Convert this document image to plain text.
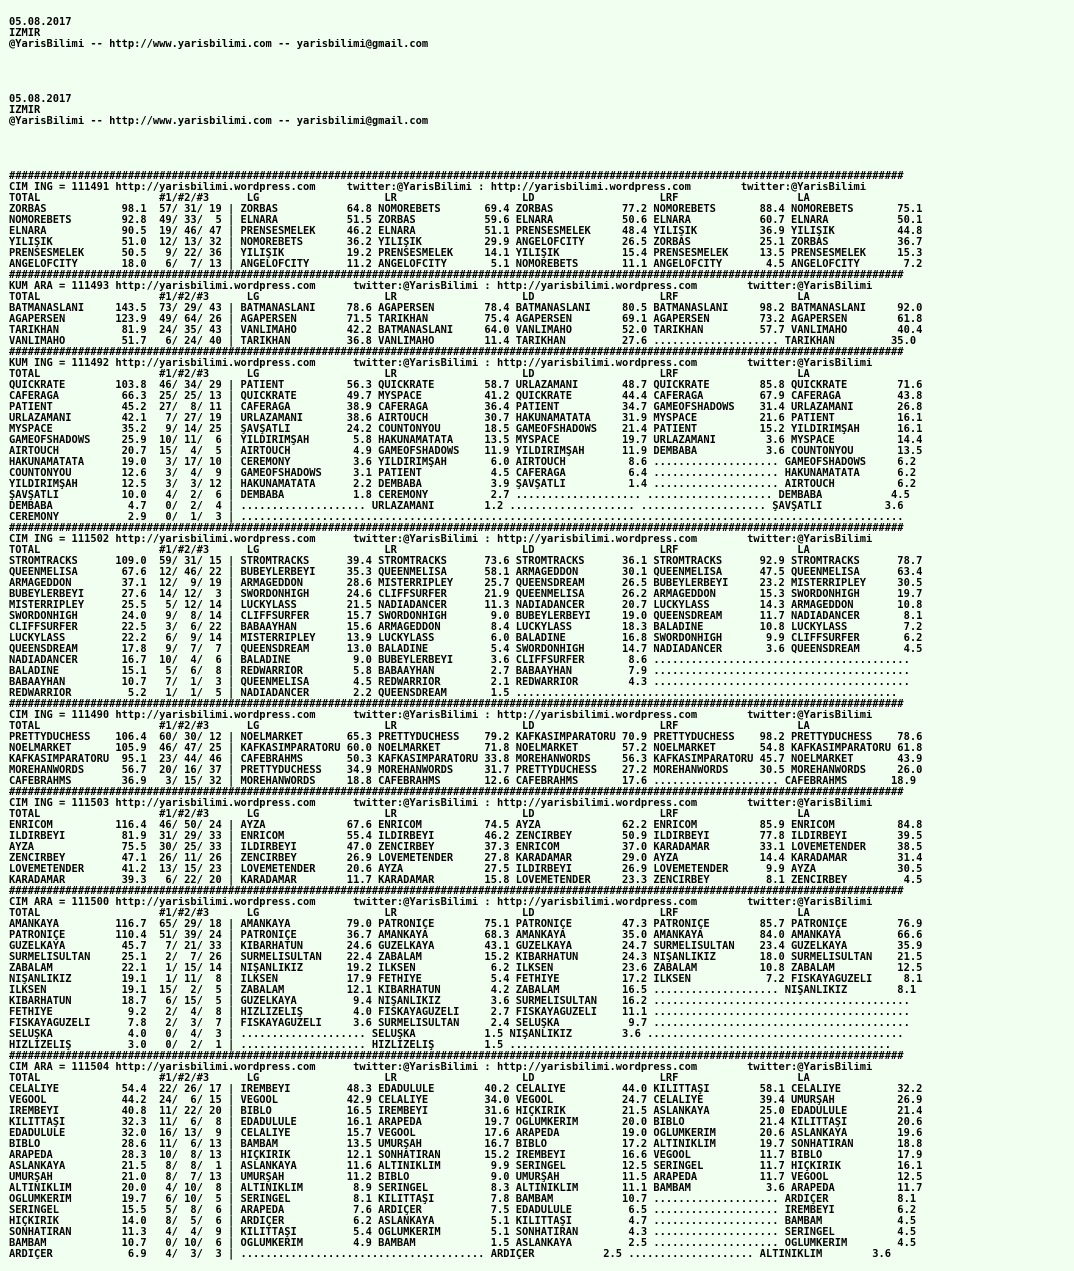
05.08.2017
IZMIR
@YarisBilimi -- http://www.yarisbilimi.com -- yarisbilimi@gmail.com

05.08.2017
IZMIR
@YarisBilimi -- http://www.yarisbilimi.com -- yarisbilimi@gmail.com

###############################################################################################################################################
CIM ING = 111491 http://yarisbilimi.wordpress.com     twitter:@YarisBilimi : http://yarisbilimi.wordpress.com        twitter:@YarisBilimi
TOTAL                   #1/#2/#3      LG                    LR                    LD                    LRF                   LA
ZORBAS            98.1  57/ 31/ 19 | ZORBAS           64.8 NOMOREBETS       69.4 ZORBAS           77.2 NOMOREBETS       88.4 NOMOREBETS       75.1
NOMOREBETS        92.8  49/ 33/  5 | ELNARA           51.5 ZORBAS           59.6 ELNARA           50.6 ELNARA           60.7 ELNARA           50.1
ELNARA            90.5  19/ 46/ 47 | PRENSESMELEK     46.2 ELNARA           51.1 PRENSESMELEK     48.4 YILIŞIK          36.9 YILIŞIK          44.8
YILIŞIK           51.0  12/ 13/ 32 | NOMOREBETS       36.2 YILIŞIK          29.9 ANGELOFCITY      26.5 ZORBAS           25.1 ZORBAS           36.7
PRENSESMELEK      50.5   9/ 22/ 36 | YILIŞIK          19.2 PRENSESMELEK     14.1 YILIŞIK          15.4 PRENSESMELEK     13.5 PRENSESMELEK     15.3
ANGELOFCITY       18.0   6/  7/ 13 | ANGELOFCITY      11.2 ANGELOFCITY       5.1 NOMOREBETS       11.1 ANGELOFCITY       4.5 ANGELOFCITY       7.2
###############################################################################################################################################
KUM ARA = 111493 http://yarisbilimi.wordpress.com      twitter:@YarisBilimi : http://yarisbilimi.wordpress.com        twitter:@YarisBilimi
TOTAL                   #1/#2/#3      LG                    LR                    LD                    LRF                   LA
BATMANASLANI     143.5  73/ 29/ 43 | BATMANASLANI     78.6 AGAPERSEN        78.4 BATMANASLANI     80.5 BATMANASLANI     98.2 BATMANASLANI     92.0
AGAPERSEN        123.9  49/ 64/ 26 | AGAPERSEN        71.5 TARIKHAN         75.4 AGAPERSEN        69.1 AGAPERSEN        73.2 AGAPERSEN        61.8
TARIKHAN          81.9  24/ 35/ 43 | VANLIMAHO        42.2 BATMANASLANI     64.0 VANLIMAHO        52.0 TARIKHAN         57.7 VANLIMAHO        40.4
VANLIMAHO         51.7   6/ 24/ 40 | TARIKHAN         36.8 VANLIMAHO        11.4 TARIKHAN         27.6 .................... TARIKHAN         35.0
###############################################################################################################################################
KUM ING = 111492 http://yarisbilimi.wordpress.com      twitter:@YarisBilimi : http://yarisbilimi.wordpress.com        twitter:@YarisBilimi
TOTAL                   #1/#2/#3      LG                    LR                    LD                    LRF                   LA
QUICKRATE        103.8  46/ 34/ 29 | PATIENT          56.3 QUICKRATE        58.7 URLAZAMANI       48.7 QUICKRATE        85.8 QUICKRATE        71.6
CAFERAGA          66.3  25/ 25/ 13 | QUICKRATE        49.7 MYSPACE          41.2 QUICKRATE        44.4 CAFERAGA         67.9 CAFERAGA         43.8
PATIENT           45.2  27/  8/ 11 | CAFERAGA         38.9 CAFERAGA         36.4 PATIENT          34.7 GAMEOFSHADOWS    31.4 URLAZAMANI       26.8
URLAZAMANI        42.1   7/ 27/ 19 | URLAZAMANI       38.6 AIRTOUCH         30.7 HAKUNAMATATA     31.9 MYSPACE          21.6 PATIENT          16.1
MYSPACE           35.2   9/ 14/ 25 | ŞAVŞATLI         24.2 COUNTONYOU       18.5 GAMEOFSHADOWS    21.4 PATIENT          15.2 YILDIRIMŞAH      16.1
GAMEOFSHADOWS     25.9  10/ 11/  6 | YILDIRIMŞAH       5.8 HAKUNAMATATA     13.5 MYSPACE          19.7 URLAZAMANI        3.6 MYSPACE          14.4
AIRTOUCH          20.7  15/  4/  5 | AIRTOUCH          4.9 GAMEOFSHADOWS    11.9 YILDIRIMŞAH      11.9 DEMBABA           3.6 COUNTONYOU       13.5
HAKUNAMATATA      19.0   3/ 17/ 10 | CEREMONY          3.6 YILDIRIMŞAH       6.0 AIRTOUCH          8.6 .................... GAMEOFSHADOWS     6.2
COUNTONYOU        12.6   3/  4/  9 | GAMEOFSHADOWS     3.1 PATIENT           4.5 CAFERAGA          6.4 .................... HAKUNAMATATA      6.2
YILDIRIMŞAH       12.5   3/  3/ 12 | HAKUNAMATATA      2.2 DEMBABA           3.9 ŞAVŞATLI          1.4 .................... AIRTOUCH          6.2
ŞAVŞATLI          10.0   4/  2/  6 | DEMBABA           1.8 CEREMONY          2.7 .................... .................... DEMBABA           4.5
DEMBABA            4.7   0/  2/  4 | .................... URLAZAMANI        1.2 .................... .................... ŞAVŞATLI          3.6
CEREMONY           2.9   0/  1/  3 | ..........................................................................................................
###############################################################################################################################################
CIM ING = 111502 http://yarisbilimi.wordpress.com      twitter:@YarisBilimi : http://yarisbilimi.wordpress.com        twitter:@YarisBilimi
TOTAL                   #1/#2/#3      LG                    LR                    LD                    LRF                   LA
STROMTRACKS      109.0  59/ 31/ 15 | STROMTRACKS      39.4 STROMTRACKS      73.6 STROMTRACKS      36.1 STROMTRACKS      92.9 STROMTRACKS      78.7
QUEENMELISA       67.6  12/ 46/ 22 | BUBEYLERBEYİ     35.3 QUEENMELISA      58.1 ARMAGEDDON       30.1 QUEENMELISA      47.5 QUEENMELISA      63.4
ARMAGEDDON        37.1  12/  9/ 19 | ARMAGEDDON       28.6 MISTERRIPLEY     25.7 QUEENSDREAM      26.5 BUBEYLERBEYİ     23.2 MISTERRIPLEY     30.5
BUBEYLERBEYİ      27.6  14/ 12/  3 | SWORDONHIGH      24.6 CLIFFSURFER      21.9 QUEENMELISA      26.2 ARMAGEDDON       15.3 SWORDONHIGH      19.7
MISTERRIPLEY      25.5   5/ 12/ 14 | LUCKYLASS        21.5 NADIADANCER      11.3 NADIADANCER      20.7 LUCKYLASS        14.3 ARMAGEDDON       10.8
SWORDONHIGH       24.0   9/  8/ 14 | CLIFFSURFER      15.7 SWORDONHIGH       9.0 BUBEYLERBEYİ     19.0 QUEENSDREAM      11.7 NADIADANCER       8.1
CLIFFSURFER       22.5   3/  6/ 22 | BABAAYHAN        15.6 ARMAGEDDON        8.4 LUCKYLASS        18.3 BALADINE         10.8 LUCKYLASS         7.2
LUCKYLASS         22.2   6/  9/ 14 | MISTERRIPLEY     13.9 LUCKYLASS         6.0 BALADINE         16.8 SWORDONHIGH       9.9 CLIFFSURFER       6.2
QUEENSDREAM       17.8   9/  7/  7 | QUEENSDREAM      13.0 BALADINE          5.4 SWORDONHIGH      14.7 NADIADANCER       3.6 QUEENSDREAM       4.5
NADIADANCER       16.7  10/  4/  6 | BALADINE          9.0 BUBEYLERBEYİ      3.6 CLIFFSURFER       8.6 .........................................
BALADINE          15.1   5/  6/  8 | REDWARRIOR        5.8 BABAAYHAN         2.7 BABAAYHAN         7.9 .........................................
BABAAYHAN         10.7   7/  1/  3 | QUEENMELISA       4.5 REDWARRIOR        2.1 REDWARRIOR        4.3 .........................................
REDWARRIOR         5.2   1/  1/  5 | NADIADANCER       2.2 QUEENSDREAM       1.5 .............................................................
###############################################################################################################################################
CIM ING = 111490 http://yarisbilimi.wordpress.com      twitter:@YarisBilimi : http://yarisbilimi.wordpress.com        twitter:@YarisBilimi
TOTAL                   #1/#2/#3      LG                    LR                    LD                    LRF                   LA
PRETTYDUCHESS    106.4  60/ 30/ 12 | NOELMARKET       65.3 PRETTYDUCHESS    79.2 KAFKASİMPARATORU 70.9 PRETTYDUCHESS    98.2 PRETTYDUCHESS    78.6
NOELMARKET       105.9  46/ 47/ 25 | KAFKASİMPARATORU 60.0 NOELMARKET       71.8 NOELMARKET       57.2 NOELMARKET       54.8 KAFKASİMPARATORU 61.8
KAFKASİMPARATORU  95.1  23/ 44/ 46 | CAFEBRAHMS       50.3 KAFKASİMPARATORU 33.8 MOREHANWORDS     56.3 KAFKASİMPARATORU 45.7 NOELMARKET       43.9
MOREHANWORDS      56.7  20/ 16/ 37 | PRETTYDUCHESS    34.9 MOREHANWORDS     31.7 PRETTYDUCHESS    27.2 MOREHANWORDS     30.5 MOREHANWORDS     26.0
CAFEBRAHMS        36.9   3/ 15/ 32 | MOREHANWORDS     18.8 CAFEBRAHMS       12.6 CAFEBRAHMS       17.6 .................... CAFEBRAHMS       18.9
###############################################################################################################################################
CIM ING = 111503 http://yarisbilimi.wordpress.com      twitter:@YarisBilimi : http://yarisbilimi.wordpress.com        twitter:@YarisBilimi
TOTAL                   #1/#2/#3      LG                    LR                    LD                    LRF                   LA
ENRICOM          116.4  46/ 50/ 24 | AYZA             67.6 ENRICOM          74.5 AYZA             62.2 ENRICOM          85.9 ENRICOM          84.8
ILDIRBEYI         81.9  31/ 29/ 33 | ENRICOM          55.4 ILDIRBEYI        46.2 ZENCİRBEY        50.9 ILDIRBEYI        77.8 ILDIRBEYI        39.5
AYZA              75.5  30/ 25/ 33 | ILDIRBEYI        47.0 ZENCİRBEY        37.3 ENRICOM          37.0 KARADAMAR        33.1 LOVEMETENDER     38.5
ZENCİRBEY         47.1  26/ 11/ 26 | ZENCİRBEY        26.9 LOVEMETENDER     27.8 KARADAMAR        29.0 AYZA             14.4 KARADAMAR        31.4
LOVEMETENDER      41.2  13/ 15/ 23 | LOVEMETENDER     20.6 AYZA             27.5 ILDIRBEYI        26.9 LOVEMETENDER      9.9 AYZA             30.5
KARADAMAR         39.3   6/ 22/ 20 | KARADAMAR        11.7 KARADAMAR        15.8 LOVEMETENDER     23.3 ZENCİRBEY         8.1 ZENCİRBEY         4.5
###############################################################################################################################################
CIM ARA = 111500 http://yarisbilimi.wordpress.com      twitter:@YarisBilimi : http://yarisbilimi.wordpress.com        twitter:@YarisBilimi
TOTAL                   #1/#2/#3      LG                    LR                    LD                    LRF                   LA
AMANKAYA         116.7  65/ 29/ 18 | AMANKAYA         79.0 PATRONİÇE        75.1 PATRONİÇE        47.3 PATRONİÇE        85.7 PATRONİÇE        76.9
PATRONİÇE        110.4  51/ 39/ 24 | PATRONİÇE        36.7 AMANKAYA         68.3 AMANKAYA         35.0 AMANKAYA         84.0 AMANKAYA         66.6
GÜZELKAYA         45.7   7/ 21/ 33 | KİBARHATUN       24.6 GÜZELKAYA        43.1 GÜZELKAYA        24.7 SÜRMELİSULTAN    23.4 GÜZELKAYA        35.9
SÜRMELİSULTAN     25.1   2/  7/ 26 | SÜRMELİSULTAN    22.4 ZABALAM          15.2 KİBARHATUN       24.3 NİŞANLIKIZ       18.0 SÜRMELİSULTAN    21.5
ZABALAM           22.1   1/ 15/ 14 | NİŞANLIKIZ       19.2 İLKSEN            6.2 İLKSEN           23.6 ZABALAM          10.8 ZABALAM          12.5
NİŞANLIKIZ        19.1   1/ 11/  8 | İLKSEN           17.9 FETHİYE           5.4 FETHİYE          17.2 İLKSEN            7.2 FİSKAYAGÜZELİ     8.1
İLKSEN            19.1  15/  2/  5 | ZABALAM          12.1 KİBARHATUN        4.2 ZABALAM          16.5 .................... NİŞANLIKIZ        8.1
KİBARHATUN        18.7   6/ 15/  5 | GÜZELKAYA         9.4 NİŞANLIKIZ        3.6 SÜRMELİSULTAN    16.2 .........................................
FETHİYE            9.2   2/  4/  8 | HIZLIZELİŞ        4.0 FİSKAYAGÜZELİ     2.7 FİSKAYAGÜZELİ    11.1 .........................................
FİSKAYAGÜZELİ      7.8   2/  3/  7 | FİSKAYAGÜZELİ     3.6 SÜRMELİSULTAN     2.4 SELUŞKA           9.7 .........................................
SELUŞKA            4.0   0/  4/  3 | .................... SELUŞKA           1.5 NİŞANLIKIZ        3.6 .........................................
HIZLIZELİŞ         3.0   0/  2/  1 | .................... HIZLIZELİŞ        1.5 .............................................................
###############################################################################################################################################
CIM ARA = 111504 http://yarisbilimi.wordpress.com      twitter:@YarisBilimi : http://yarisbilimi.wordpress.com        twitter:@YarisBilimi
TOTAL                   #1/#2/#3      LG                    LR                    LD                    LRF                   LA
CELALİYE          54.4  22/ 26/ 17 | İREMBEYİ         48.3 EDADÜLÜLE        40.2 CELALİYE         44.0 KİLİTTAŞI        58.1 CELALİYE         32.2
VEGOOL            44.2  24/  6/ 15 | VEGOOL           42.9 CELALİYE         34.0 VEGOOL           24.7 CELALİYE         39.4 UMURŞAH          26.9
İREMBEYİ          40.8  11/ 22/ 20 | BİBLO            16.5 İREMBEYİ         31.6 HIÇKIRIK         21.5 ASLANKAYA        25.0 EDADÜLÜLE        21.4
KİLİTTAŞI         32.3  11/  6/  8 | EDADÜLÜLE        16.1 ARAPEDA          19.7 OGLUMKERİM       20.0 BİBLO            21.4 KİLİTTAŞI        20.6
EDADÜLÜLE         32.0  16/ 13/  9 | CELALİYE         15.7 VEGOOL           17.6 ARAPEDA          19.0 OGLUMKERİM       20.6 ASLANKAYA        19.6
BİBLO             28.6  11/  6/ 13 | BAMBAM           13.5 UMURŞAH          16.7 BİBLO            17.2 ALTINİKLİM       19.7 SONHATIRAN       18.8
ARAPEDA           28.3  10/  8/ 13 | HIÇKIRIK         12.1 SONHATIRAN       15.2 İREMBEYİ         16.6 VEGOOL           11.7 BİBLO            17.9
ASLANKAYA         21.5   8/  8/  1 | ASLANKAYA        11.6 ALTINİKLİM        9.9 SERİNGEL         12.5 SERİNGEL         11.7 HIÇKIRIK         16.1
UMURŞAH           21.0   8/  7/ 13 | UMURŞAH          11.2 BİBLO             9.0 UMURŞAH          11.5 ARAPEDA          11.7 VEGOOL           12.5
ALTINİKLİM        20.0   4/ 10/  8 | ALTINİKLİM        8.9 SERİNGEL          8.3 ALTINİKLİM       11.1 BAMBAM            3.6 ARAPEDA          11.7
OGLUMKERİM        19.7   6/ 10/  5 | SERİNGEL          8.1 KİLİTTAŞI         7.8 BAMBAM           10.7 .................... ARDIÇER           8.1
SERİNGEL          15.5   5/  8/  6 | ARAPEDA           7.6 ARDIÇER           7.5 EDADÜLÜLE         6.5 .................... İREMBEYİ          6.2
HIÇKIRIK          14.0   8/  5/  6 | ARDIÇER           6.2 ASLANKAYA         5.1 KİLİTTAŞI         4.7 .................... BAMBAM            4.5
SONHATIRAN        11.3   4/  4/  9 | KİLİTTAŞI         5.4 OGLUMKERİM        5.1 SONHATIRAN        4.3 .................... SERİNGEL          4.5
BAMBAM            10.7   0/ 10/  6 | OGLUMKERİM        4.9 BAMBAM            1.5 ASLANKAYA         2.5 .................... OGLUMKERİM        4.5
ARDIÇER            6.9   4/  3/  3 | ....................................... ARDIÇER           2.5 .................... ALTINİKLİM        3.6
